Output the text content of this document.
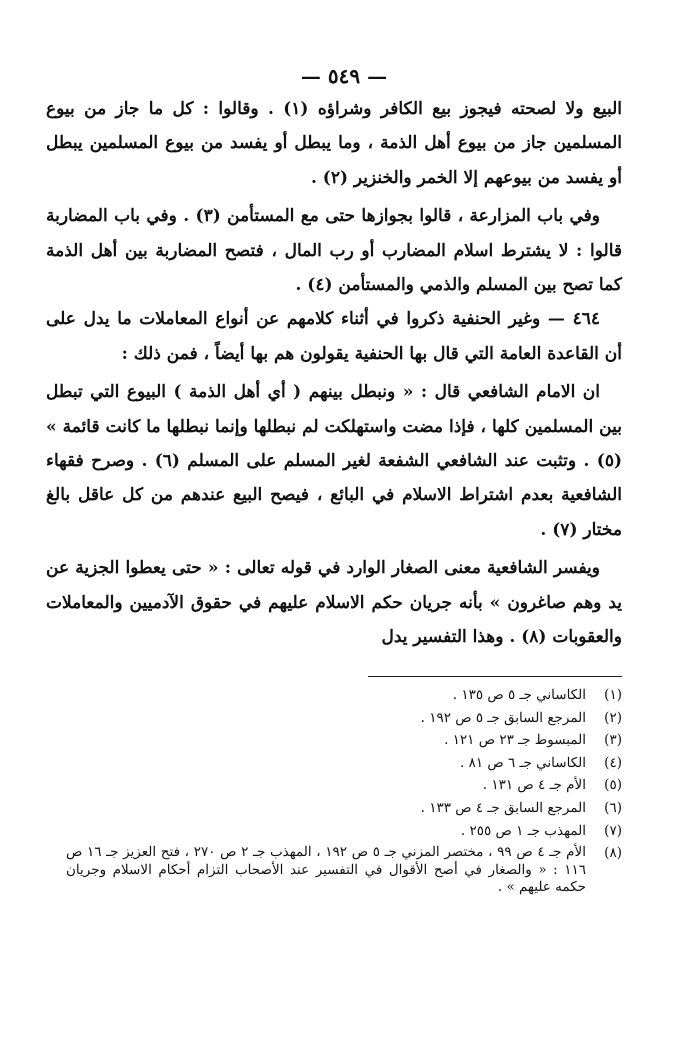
— ٥٤٩ —

البيع ولا لصحته فيجوز بيع الكافر وشراؤه (١) . وقالوا : كل ما جاز من بيوع المسلمين جاز من بيوع أهل الذمة ، وما يبطل أو يفسد من بيوع المسلمين يبطل أو يفسد من بيوعهم إلا الخمر والخنزير (٢) .

وفي باب المزارعة ، قالوا بجوازها حتى مع المستأمن (٣) . وفي باب المضاربة قالوا : لا يشترط اسلام المضارب أو رب المال ، فتصح المضاربة بين أهل الذمة كما تصح بين المسلم والذمي والمستأمن (٤) .

٤٦٤ — وغير الحنفية ذكروا في أثناء كلامهم عن أنواع المعاملات ما يدل على أن القاعدة العامة التي قال بها الحنفية يقولون هم بها أيضاً ، فمن ذلك :

ان الامام الشافعي قال : « ونبطل بينهم ( أي أهل الذمة ) البيوع التي تبطل بين المسلمين كلها ، فإذا مضت واستهلكت لم نبطلها وإنما نبطلها ما كانت قائمة » (٥) . وتثبت عند الشافعي الشفعة لغير المسلم على المسلم (٦) . وصرح فقهاء الشافعية بعدم اشتراط الاسلام في البائع ، فيصح البيع عندهم من كل عاقل بالغ مختار (٧) .

ويفسر الشافعية معنى الصغار الوارد في قوله تعالى : « حتى يعطوا الجزية عن يد وهم صاغرون » بأنه جريان حكم الاسلام عليهم في حقوق الآدميين والمعاملات والعقوبات (٨) . وهذا التفسير يدل

(١)
الكاساني جـ ٥ ص ١٣٥ .
(٢)
المرجع السابق جـ ٥ ص ١٩٢ .
(٣)
المبسوط جـ ٢٣ ص ١٢١ .
(٤)
الكاساني جـ ٦ ص ٨١ .
(٥)
الأم جـ ٤ ص ١٣١ .
(٦)
المرجع السابق جـ ٤ ص ١٣٣ .
(٧)
المهذب جـ ١ ص ٢٥٥ .
(٨)
الأم جـ ٤ ص ٩٩ ، مختصر المزني جـ ٥ ص ١٩٢ ، المهذب جـ ٢ ص ٢٧٠ ، فتح العزيز جـ ١٦ ص ١١٦ : « والصغار في أصح الأقوال في التفسير عند الأصحاب التزام أحكام الاسلام وجريان حكمه عليهم » .
